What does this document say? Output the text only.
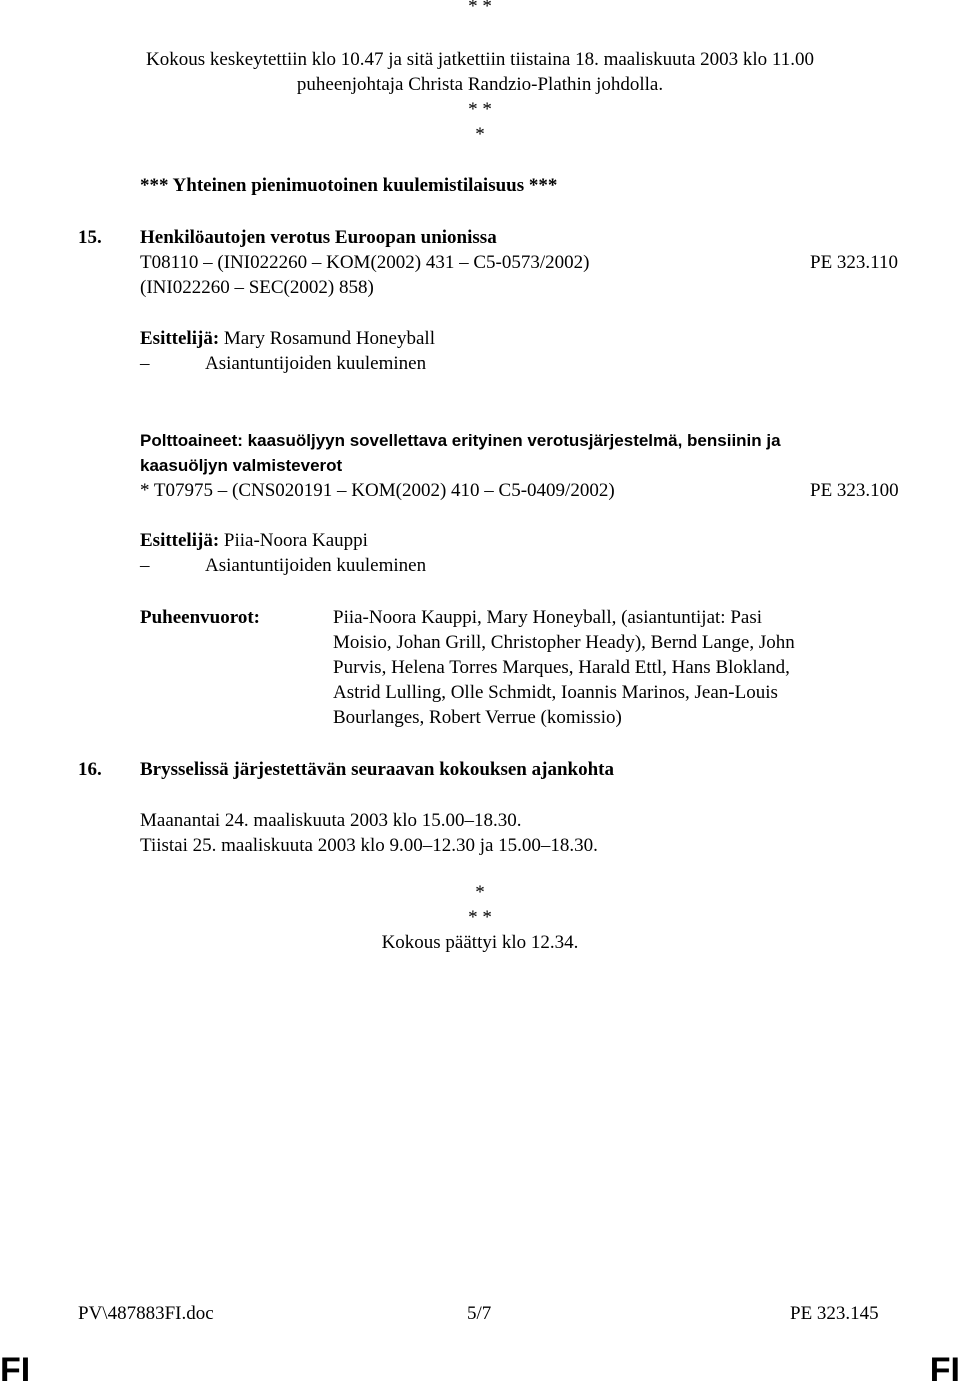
* *
Kokous keskeytettiin klo 10.47 ja sitä jatkettiin tiistaina 18. maaliskuuta 2003 klo 11.00
puheenjohtaja Christa Randzio-Plathin johdolla.
* *
*
*** Yhteinen pienimuotoinen kuulemistilaisuus ***
15. Henkilöautojen verotus Euroopan unionissa
T08110 – (INI022260 – KOM(2002) 431 – C5-0573/2002)	PE 323.110
(INI022260 – SEC(2002) 858)
Esittelijä: Mary Rosamund Honeyball
–	Asiantuntijoiden kuuleminen
Polttoaineet: kaasuöljyyn sovellettava erityinen verotusjärjestelmä, bensiinin ja
kaasuöljyn valmisteverot
* T07975 – (CNS020191 – KOM(2002) 410 – C5-0409/2002)	PE 323.100
Esittelijä: Piia-Noora Kauppi
–	Asiantuntijoiden kuuleminen
Puheenvuorot:	Piia-Noora Kauppi, Mary Honeyball, (asiantuntijat: Pasi
Moisio, Johan Grill, Christopher Heady), Bernd Lange, John
Purvis, Helena Torres Marques, Harald Ettl, Hans Blokland,
Astrid Lulling, Olle Schmidt, Ioannis Marinos, Jean-Louis
Bourlanges, Robert Verrue (komissio)
16. Brysselissä järjestettävän seuraavan kokouksen ajankohta
Maanantai 24. maaliskuuta 2003 klo 15.00–18.30.
Tiistai 25. maaliskuuta 2003 klo 9.00–12.30 ja 15.00–18.30.
*
* *
Kokous päättyi klo 12.34.
PV\487883FI.doc	5/7	PE 323.145
FI	FI
